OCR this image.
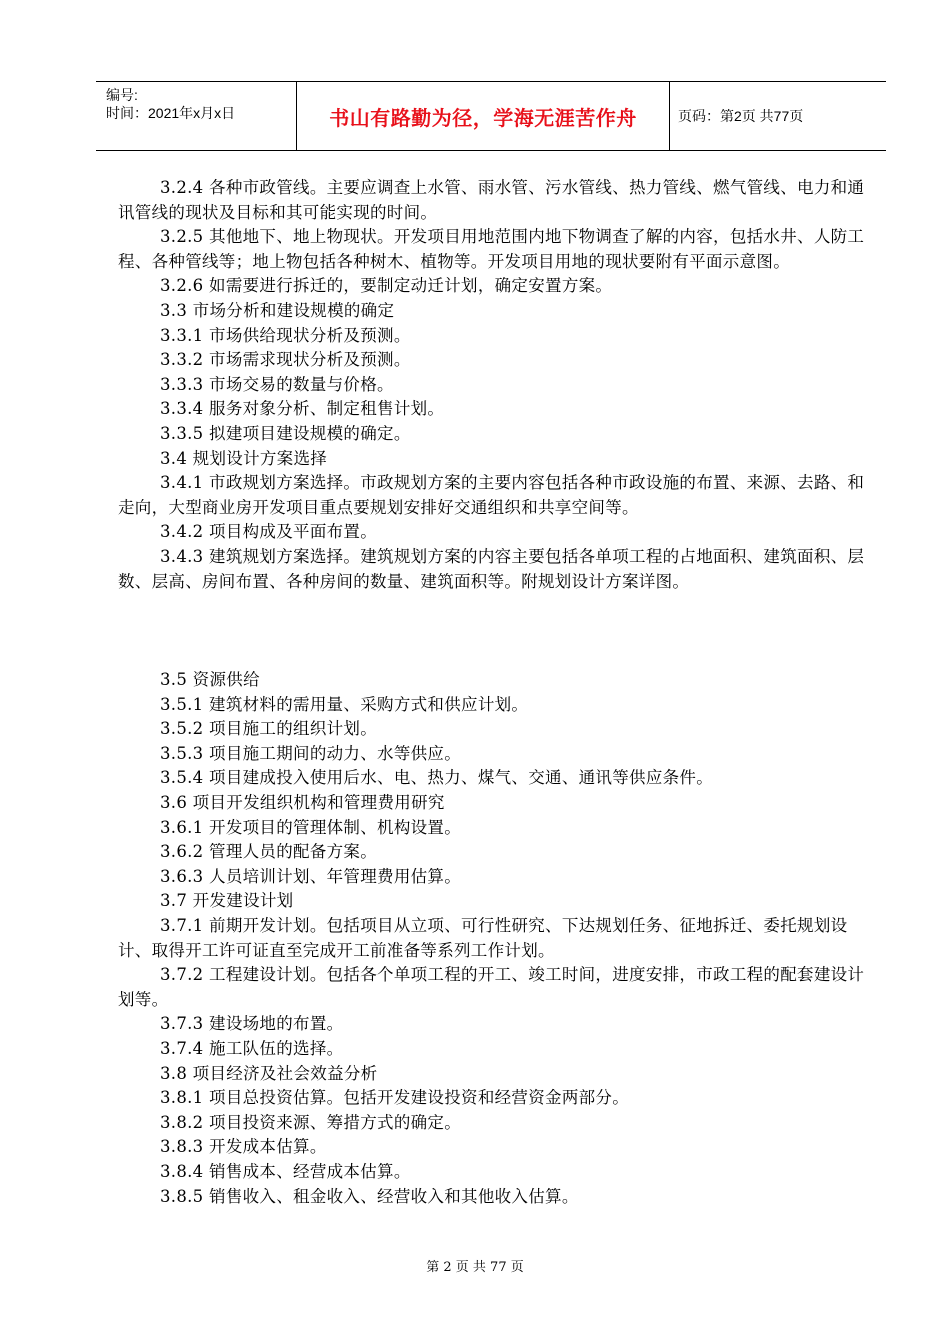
编号:
时间：2021年x月x日	书山有路勤为径，学海无涯苦作舟	页码：第2页 共77页

3.2.4 各种市政管线。主要应调查上水管、雨水管、污水管线、热力管线、燃气管线、电力和通讯管线的现状及目标和其可能实现的时间。

3.2.5 其他地下、地上物现状。开发项目用地范围内地下物调查了解的内容，包括水井、人防工程、各种管线等；地上物包括各种树木、植物等。开发项目用地的现状要附有平面示意图。

3.2.6 如需要进行拆迁的，要制定动迁计划，确定安置方案。

3.3 市场分析和建设规模的确定

3.3.1 市场供给现状分析及预测。

3.3.2 市场需求现状分析及预测。

3.3.3 市场交易的数量与价格。

3.3.4 服务对象分析、制定租售计划。

3.3.5 拟建项目建设规模的确定。

3.4 规划设计方案选择

3.4.1 市政规划方案选择。市政规划方案的主要内容包括各种市政设施的布置、来源、去路、和走向，大型商业房开发项目重点要规划安排好交通组织和共享空间等。

3.4.2 项目构成及平面布置。

3.4.3 建筑规划方案选择。建筑规划方案的内容主要包括各单项工程的占地面积、建筑面积、层数、层高、房间布置、各种房间的数量、建筑面积等。附规划设计方案详图。

3.5 资源供给

3.5.1 建筑材料的需用量、采购方式和供应计划。

3.5.2 项目施工的组织计划。

3.5.3 项目施工期间的动力、水等供应。

3.5.4 项目建成投入使用后水、电、热力、煤气、交通、通讯等供应条件。

3.6 项目开发组织机构和管理费用研究

3.6.1 开发项目的管理体制、机构设置。

3.6.2 管理人员的配备方案。

3.6.3 人员培训计划、年管理费用估算。

3.7 开发建设计划

3.7.1 前期开发计划。包括项目从立项、可行性研究、下达规划任务、征地拆迁、委托规划设计、取得开工许可证直至完成开工前准备等系列工作计划。

3.7.2 工程建设计划。包括各个单项工程的开工、竣工时间，进度安排，市政工程的配套建设计划等。

3.7.3 建设场地的布置。

3.7.4 施工队伍的选择。

3.8 项目经济及社会效益分析

3.8.1 项目总投资估算。包括开发建设投资和经营资金两部分。

3.8.2 项目投资来源、筹措方式的确定。

3.8.3 开发成本估算。

3.8.4 销售成本、经营成本估算。

3.8.5 销售收入、租金收入、经营收入和其他收入估算。

第 2 页 共 77 页
